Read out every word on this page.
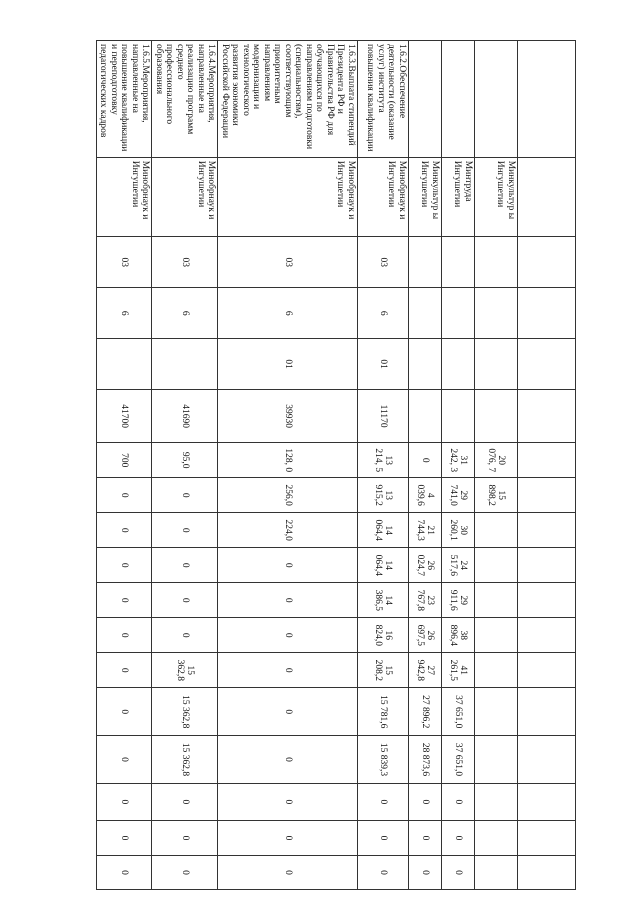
	Минкультур ы Ингушетии					20 076, 7	15 898,2										
	Минтруда Ингушетии					31 242, 3	29 741,0	30 260,1	24 517,6	29 911,6	38 896,4	41 261,5	37 651,0	37 651,0	0	0	0
	Минкультур ы Ингушетии					0	4 039,6	21 744,3	26 024,7	23 767,8	26 697,5	27 942,8	27 896,2	28 873,6	0	0	0
1.6.2.Обеспечение деятельности (оказание услуг) института повышения квалификации	Минобрнаук и Ингушетии	03	6	01	11170	13 214, 5	13 915,2	14 064,4	14 064,4	14 386,5	16 824,0	15 208,2	15 781,6	15 839,3	0	0	0
1.6.3.Выплата стипендий Президента РФ и Правительства РФ для обучающихся по направлениям подготовки (специальностям), соответствующим приоритетным направлениям модернизации и технологического развития экономики Российской Федерации	Минобрнаук и Ингушетии	03	6	01	39930	128, 0	256,0	224,0	0	0	0	0	0	0	0	0	0
1.6.4.Мероприятия, направленные на реализацию программ среднего профессионального образования	Минобрнаук и Ингушетии	03	6		41690	95,0	0	0	0	0	0	15 362,8	15 362,8	15 362,8	0	0	0
1.6.5.Мероприятия, направленные на повышение квалификации и переподготовку педагогических кадров	Минобрнаук и Ингушетии	03	6		41700	700	0	0	0	0	0	0	0	0	0	0	0
